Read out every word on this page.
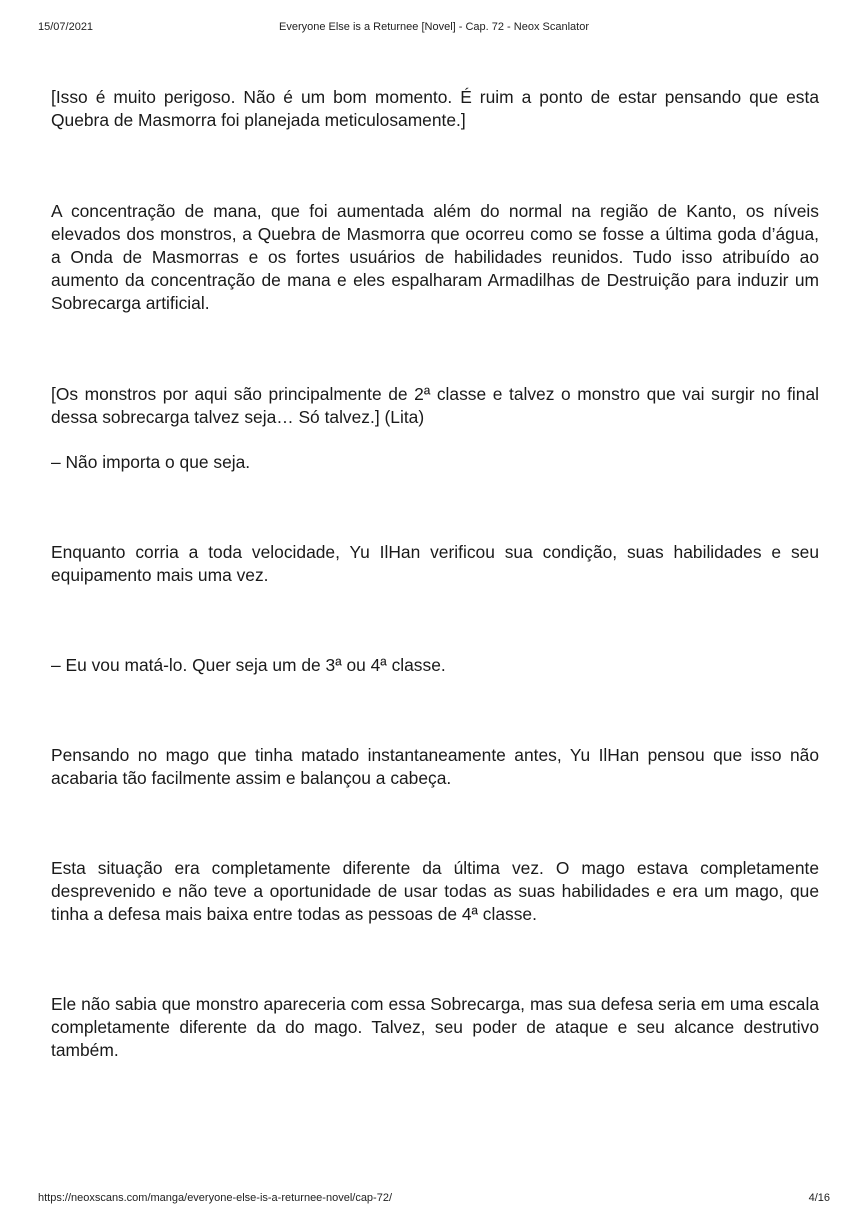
15/07/2021	Everyone Else is a Returnee [Novel] - Cap. 72 - Neox Scanlator

[Isso é muito perigoso. Não é um bom momento. É ruim a ponto de estar pensando que esta Quebra de Masmorra foi planejada meticulosamente.]

A concentração de mana, que foi aumentada além do normal na região de Kanto, os níveis elevados dos monstros, a Quebra de Masmorra que ocorreu como se fosse a última goda d’água, a Onda de Masmorras e os fortes usuários de habilidades reunidos. Tudo isso atribuído ao aumento da concentração de mana e eles espalharam Armadilhas de Destruição para induzir um Sobrecarga artificial.

[Os monstros por aqui são principalmente de 2ª classe e talvez o monstro que vai surgir no final dessa sobrecarga talvez seja… Só talvez.] (Lita)

– Não importa o que seja.

Enquanto corria a toda velocidade, Yu IlHan verificou sua condição, suas habilidades e seu equipamento mais uma vez.

– Eu vou matá-lo. Quer seja um de 3ª ou 4ª classe.

Pensando no mago que tinha matado instantaneamente antes, Yu IlHan pensou que isso não acabaria tão facilmente assim e balançou a cabeça.

Esta situação era completamente diferente da última vez. O mago estava completamente desprevenido e não teve a oportunidade de usar todas as suas habilidades e era um mago, que tinha a defesa mais baixa entre todas as pessoas de 4ª classe.

Ele não sabia que monstro apareceria com essa Sobrecarga, mas sua defesa seria em uma escala completamente diferente da do mago. Talvez, seu poder de ataque e seu alcance destrutivo também.

https://neoxscans.com/manga/everyone-else-is-a-returnee-novel/cap-72/	4/16
